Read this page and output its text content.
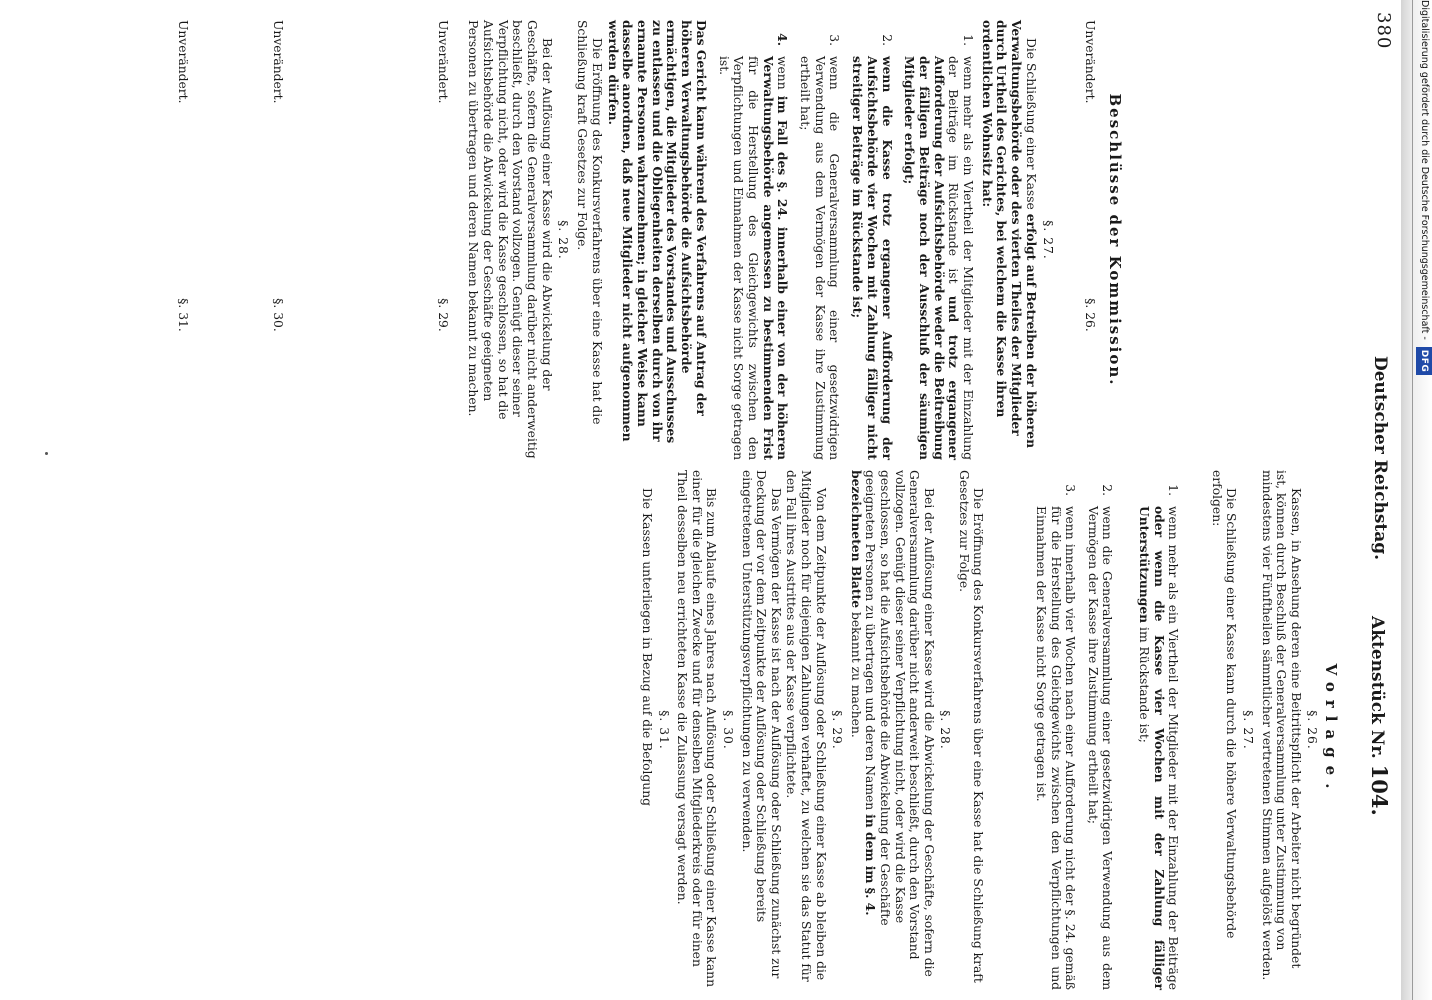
Vorlage.
§. 26.

Kassen, in Ansehung deren eine Beitrittspflicht der Arbeiter nicht begründet ist, können durch Beschluß der Generalversammlung unter Zustimmung von mindestens vier Fünftheilen sämmtlicher vertretenen Stimmen aufgelöst werden.

§. 27.

Die Schließung einer Kasse kann durch die höhere Verwaltungsbehörde erfolgen:

1.
wenn mehr als ein Viertheil der Mitglieder mit der Einzahlung der Beiträge oder wenn die Kasse vier Wochen mit der Zahlung fälliger Unterstützungen im Rückstande ist;
2.
wenn die Generalversammlung einer gesetzwidrigen Verwendung aus dem Vermögen der Kasse ihre Zustimmung ertheilt hat;
3.
wenn innerhalb vier Wochen nach einer Aufforderung nicht der §. 24. gemäß für die Herstellung des Gleichgewichts zwischen den Verpflichtungen und Einnahmen der Kasse nicht Sorge getragen ist.

Die Eröffnung des Konkursverfahrens über eine Kasse hat die Schließung kraft Gesetzes zur Folge.

§. 28.

Bei der Auflösung einer Kasse wird die Abwickelung der Geschäfte, sofern die Generalversammlung darüber nicht anderweit beschließt, durch den Vorstand vollzogen. Genügt dieser seiner Verpflichtung nicht, oder wird die Kasse geschlossen, so hat die Aufsichtsbehörde die Abwickelung der Geschäfte geeigneten Personen zu übertragen und deren Namen in dem im §. 4. bezeichneten Blatte bekannt zu machen.

§. 29.

Von dem Zeitpunkte der Auflösung oder Schließung einer Kasse ab bleiben die Mitglieder noch für diejenigen Zahlungen verhaftet, zu welchen sie das Statut für den Fall ihres Austrittes aus der Kasse verpflichtete.

Das Vermögen der Kasse ist nach der Auflösung oder Schließung zunächst zur Deckung der vor dem Zeitpunkte der Auflösung oder Schließung bereits eingetretenen Unterstützungsverpflichtungen zu verwenden.

§. 30.

Bis zum Ablaufe eines Jahres nach Auflösung oder Schließung einer Kasse kann einer für die gleichen Zwecke und für denselben Mitgliederkreis oder für einen Theil desselben neu errichteten Kasse die Zulassung versagt werden.

§. 31.

Die Kassen unterliegen in Bezug auf die Befolgung

Beschlüsse der Kommission.
Unverändert.
§. 26.
§. 27.

Die Schließung einer Kasse erfolgt auf Betreiben der höheren Verwaltungsbehörde oder des vierten Theiles der Mitglieder durch Urtheil des Gerichtes, bei welchem die Kasse ihren ordentlichen Wohnsitz hat:

1.
wenn mehr als ein Viertheil der Mitglieder mit der Einzahlung der Beiträge im Rückstande ist und trotz ergangener Aufforderung der Aufsichtsbehörde weder die Beitreibung der fälligen Beiträge noch der Ausschluß der säumigen Mitglieder erfolgt;
2.
wenn die Kasse trotz ergangener Aufforderung der Aufsichtsbehörde vier Wochen mit Zahlung fälliger nicht streitiger Beiträge im Rückstande ist;
3.
wenn die Generalversammlung einer gesetzwidrigen Verwendung aus dem Vermögen der Kasse ihre Zustimmung ertheilt hat;
4.
wenn im Fall des §. 24. innerhalb einer von der höheren Verwaltungsbehörde angemessen zu bestimmenden Frist für die Herstellung des Gleichgewichts zwischen den Verpflichtungen und Einnahmen der Kasse nicht Sorge getragen ist.

Das Gericht kann während des Verfahrens auf Antrag der höheren Verwaltungsbehörde die Aufsichtsbehörde ermächtigen, die Mitglieder des Vorstandes und Ausschusses zu entlassen und die Obliegenheiten derselben durch von ihr ernannte Personen wahrzunehmen; in gleicher Weise kann dasselbe anordnen, daß neue Mitglieder nicht aufgenommen werden dürfen.

Die Eröffnung des Konkursverfahrens über eine Kasse hat die Schließung kraft Gesetzes zur Folge.

§. 28.

Bei der Auflösung einer Kasse wird die Abwickelung der Geschäfte, sofern die Generalversammlung darüber nicht anderweitig beschließt, durch den Vorstand vollzogen. Genügt dieser seiner Verpflichtung nicht, oder wird die Kasse geschlossen, so hat die Aufsichtsbehörde die Abwickelung der Geschäfte geeigneten Personen zu übertragen und deren Namen bekannt zu machen.

Unverändert.
§. 29.
Unverändert.
§. 30.
Unverändert.
§. 31.
380
Deutscher Reichstag.
Aktenstück Nr. 104.
Digitalisierung gefördert durch die Deutsche Forschungsgemeinschaft - DFG
